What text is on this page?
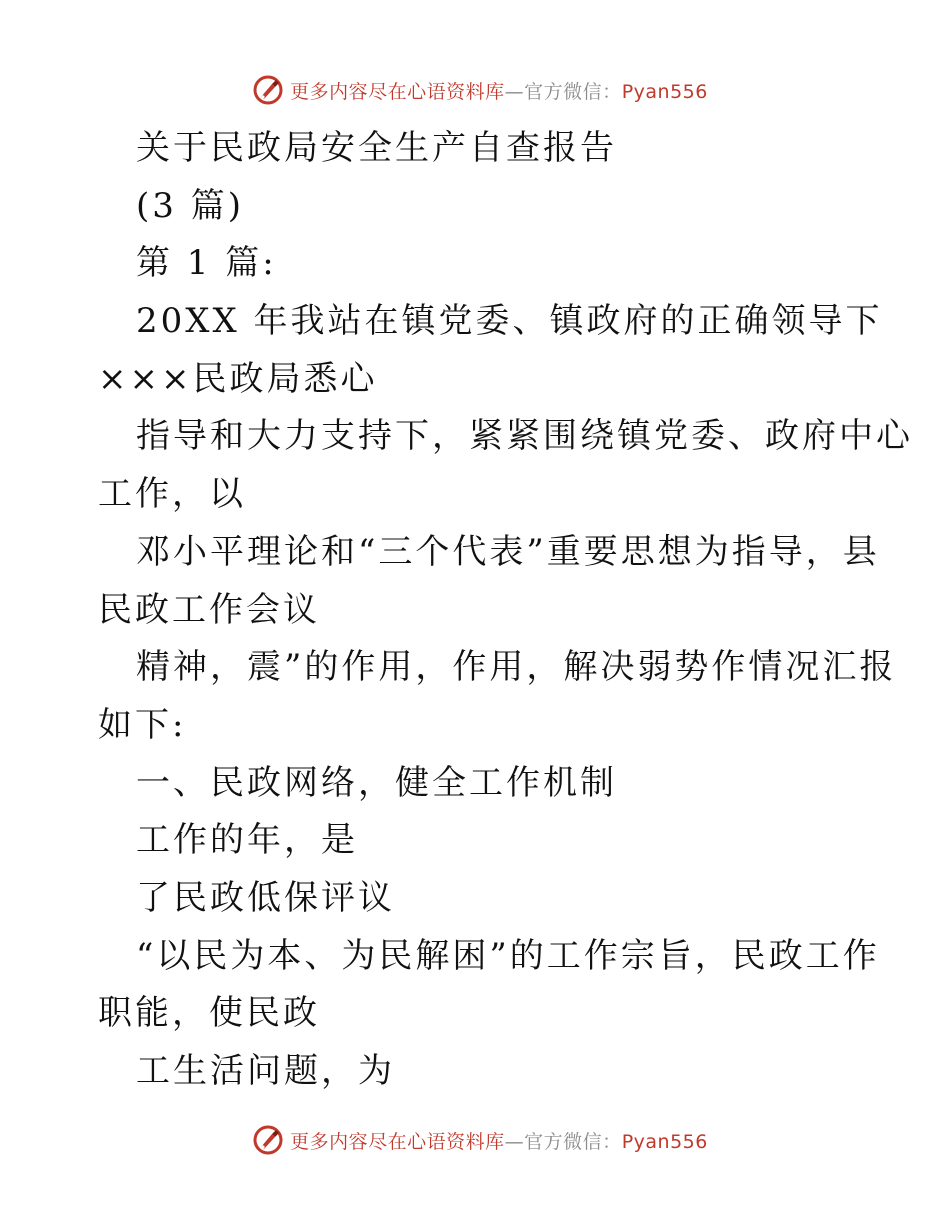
更多内容尽在心语资料库—官方微信：Pyan556
关于民政局安全生产自查报告
(3 篇)
第 1 篇:
20XX 年我站在镇党委、镇政府的正确领导下
×××民政局悉心
指导和大力支持下，紧紧围绕镇党委、政府中心
工作，以
邓小平理论和“三个代表”重要思想为指导，县
民政工作会议
精神，震”的作用，作用，解决弱势作情况汇报
如下:
一、民政网络，健全工作机制
工作的年，是
了民政低保评议
“以民为本、为民解困”的工作宗旨，民政工作
职能，使民政
工生活问题，为
更多内容尽在心语资料库—官方微信：Pyan556
